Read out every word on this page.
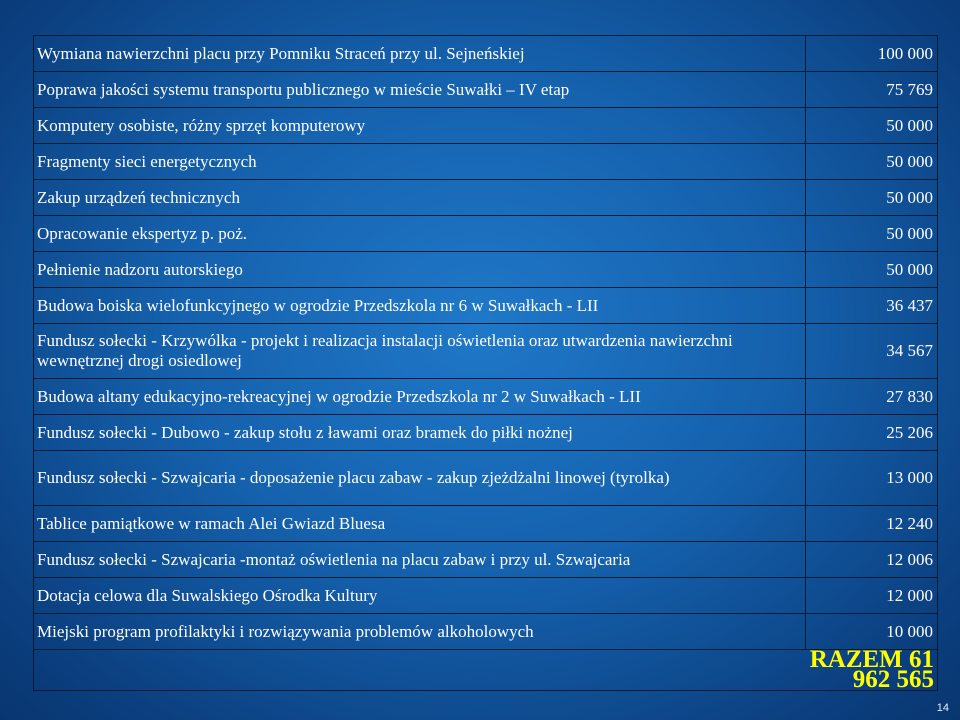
Wymiana nawierzchni placu przy Pomniku Straceń przy ul. Sejneńskiej	100 000
Poprawa jakości systemu transportu publicznego w mieście Suwałki – IV etap	75 769
Komputery osobiste, różny sprzęt komputerowy	50 000
Fragmenty sieci energetycznych	50 000
Zakup urządzeń technicznych	50 000
Opracowanie ekspertyz p. poż.	50 000
Pełnienie nadzoru autorskiego	50 000
Budowa boiska wielofunkcyjnego w ogrodzie Przedszkola nr 6 w Suwałkach - LII	36 437
Fundusz sołecki - Krzywólka - projekt i realizacja instalacji oświetlenia oraz utwardzenia nawierzchni wewnętrznej drogi osiedlowej	34 567
Budowa altany edukacyjno-rekreacyjnej w ogrodzie Przedszkola nr 2 w Suwałkach - LII	27 830
Fundusz sołecki - Dubowo - zakup stołu z ławami oraz bramek do piłki nożnej	25 206
Fundusz sołecki - Szwajcaria - doposażenie placu zabaw - zakup zjeżdżalni linowej (tyrolka)	13 000
Tablice pamiątkowe w ramach Alei Gwiazd Bluesa	12 240
Fundusz sołecki - Szwajcaria -montaż oświetlenia na placu zabaw i przy ul. Szwajcaria	12 006
Dotacja celowa dla Suwalskiego Ośrodka Kultury	12 000
Miejski program profilaktyki i rozwiązywania problemów alkoholowych	10 000
	RAZEM 61 962 565
14
